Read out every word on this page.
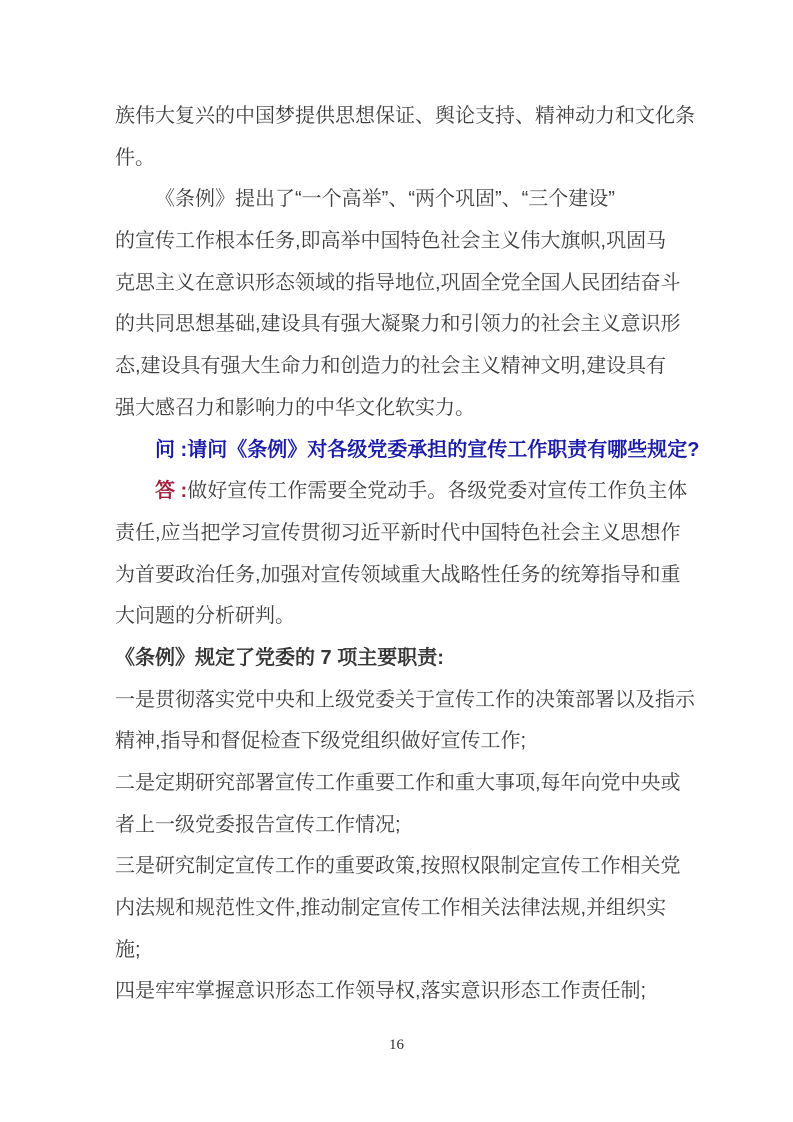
族伟大复兴的中国梦提供思想保证、舆论支持、精神动力和文化条
件。
《条例》提出了“一个高举”、“两个巩固”、“三个建设”
的宣传工作根本任务,即高举中国特色社会主义伟大旗帜,巩固马
克思主义在意识形态领域的指导地位,巩固全党全国人民团结奋斗
的共同思想基础,建设具有强大凝聚力和引领力的社会主义意识形
态,建设具有强大生命力和创造力的社会主义精神文明,建设具有
强大感召力和影响力的中华文化软实力。
问 :请问《条例》对各级党委承担的宣传工作职责有哪些规定?
答 :做好宣传工作需要全党动手。各级党委对宣传工作负主体
责任,应当把学习宣传贯彻习近平新时代中国特色社会主义思想作
为首要政治任务,加强对宣传领域重大战略性任务的统筹指导和重
大问题的分析研判。
《条例》规定了党委的 7 项主要职责:
一是贯彻落实党中央和上级党委关于宣传工作的决策部署以及指示
精神,指导和督促检查下级党组织做好宣传工作;
二是定期研究部署宣传工作重要工作和重大事项,每年向党中央或
者上一级党委报告宣传工作情况;
三是研究制定宣传工作的重要政策,按照权限制定宣传工作相关党
内法规和规范性文件,推动制定宣传工作相关法律法规,并组织实
施;
四是牢牢掌握意识形态工作领导权,落实意识形态工作责任制;
16
